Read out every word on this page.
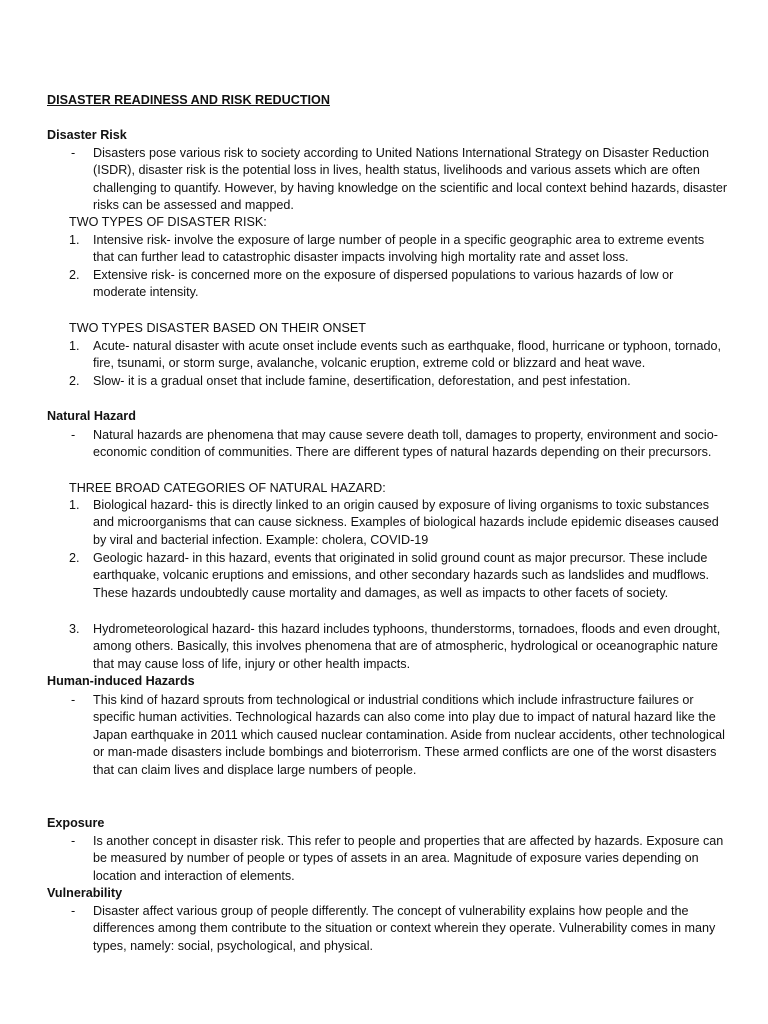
DISASTER READINESS AND RISK REDUCTION

Disaster Risk

- Disasters pose various risk to society according to United Nations International Strategy on Disaster Reduction (ISDR), disaster risk is the potential loss in lives, health status, livelihoods and various assets which are often challenging to quantify. However, by having knowledge on the scientific and local context behind hazards, disaster risks can be assessed and mapped.

TWO TYPES OF DISASTER RISK:

1. Intensive risk- involve the exposure of large number of people in a specific geographic area to extreme events that can further lead to catastrophic disaster impacts involving high mortality rate and asset loss.

2. Extensive risk- is concerned more on the exposure of dispersed populations to various hazards of low or moderate intensity.

TWO TYPES DISASTER BASED ON THEIR ONSET

1. Acute- natural disaster with acute onset include events such as earthquake, flood, hurricane or typhoon, tornado, fire, tsunami, or storm surge, avalanche, volcanic eruption, extreme cold or blizzard and heat wave.

2. Slow- it is a gradual onset that include famine, desertification, deforestation, and pest infestation.

Natural Hazard

- Natural hazards are phenomena that may cause severe death toll, damages to property, environment and socio-economic condition of communities. There are different types of natural hazards depending on their precursors.

THREE BROAD CATEGORIES OF NATURAL HAZARD:

1. Biological hazard- this is directly linked to an origin caused by exposure of living organisms to toxic substances and microorganisms that can cause sickness. Examples of biological hazards include epidemic diseases caused by viral and bacterial infection. Example: cholera, COVID-19

2. Geologic hazard- in this hazard, events that originated in solid ground count as major precursor. These include earthquake, volcanic eruptions and emissions, and other secondary hazards such as landslides and mudflows. These hazards undoubtedly cause mortality and damages, as well as impacts to other facets of society.

3. Hydrometeorological hazard- this hazard includes typhoons, thunderstorms, tornadoes, floods and even drought, among others. Basically, this involves phenomena that are of atmospheric, hydrological or oceanographic nature that may cause loss of life, injury or other health impacts.

Human-induced Hazards

- This kind of hazard sprouts from technological or industrial conditions which include infrastructure failures or specific human activities. Technological hazards can also come into play due to impact of natural hazard like the Japan earthquake in 2011 which caused nuclear contamination. Aside from nuclear accidents, other technological or man-made disasters include bombings and bioterrorism. These armed conflicts are one of the worst disasters that can claim lives and displace large numbers of people.

Exposure

- Is another concept in disaster risk. This refer to people and properties that are affected by hazards. Exposure can be measured by number of people or types of assets in an area. Magnitude of exposure varies depending on location and interaction of elements.

Vulnerability

- Disaster affect various group of people differently. The concept of vulnerability explains how people and the differences among them contribute to the situation or context wherein they operate. Vulnerability comes in many types, namely: social, psychological, and physical.
